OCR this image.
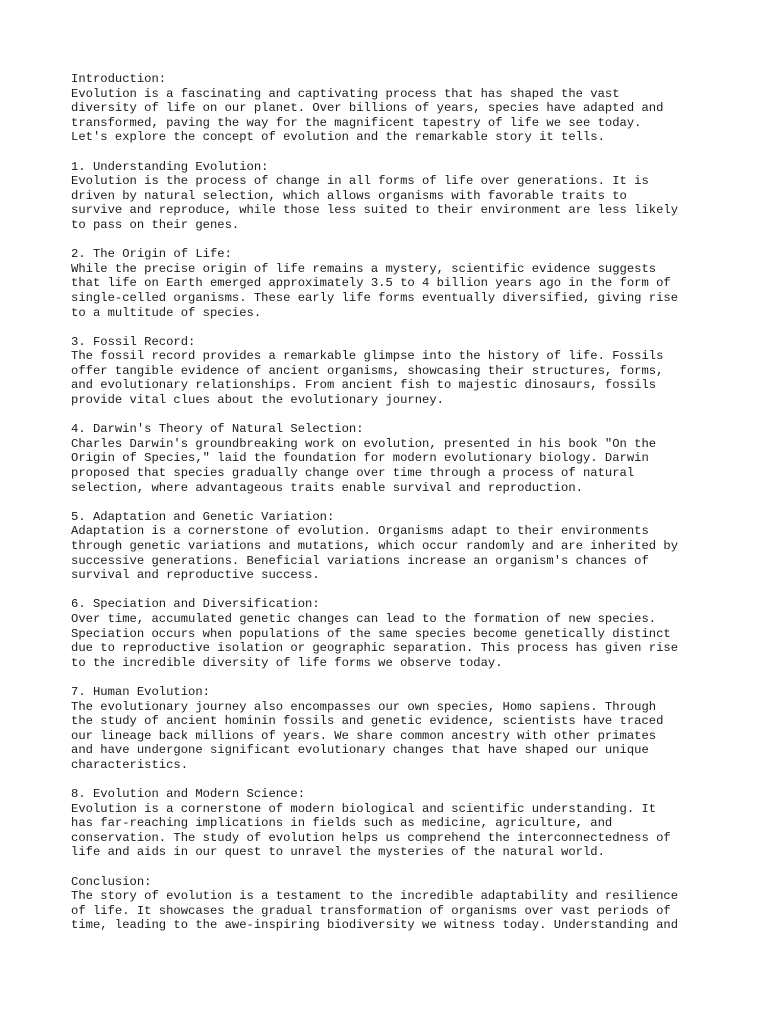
Introduction:
Evolution is a fascinating and captivating process that has shaped the vast
diversity of life on our planet. Over billions of years, species have adapted and
transformed, paving the way for the magnificent tapestry of life we see today.
Let's explore the concept of evolution and the remarkable story it tells.
1. Understanding Evolution:
Evolution is the process of change in all forms of life over generations. It is
driven by natural selection, which allows organisms with favorable traits to
survive and reproduce, while those less suited to their environment are less likely
to pass on their genes.
2. The Origin of Life:
While the precise origin of life remains a mystery, scientific evidence suggests
that life on Earth emerged approximately 3.5 to 4 billion years ago in the form of
single-celled organisms. These early life forms eventually diversified, giving rise
to a multitude of species.
3. Fossil Record:
The fossil record provides a remarkable glimpse into the history of life. Fossils
offer tangible evidence of ancient organisms, showcasing their structures, forms,
and evolutionary relationships. From ancient fish to majestic dinosaurs, fossils
provide vital clues about the evolutionary journey.
4. Darwin's Theory of Natural Selection:
Charles Darwin's groundbreaking work on evolution, presented in his book "On the
Origin of Species," laid the foundation for modern evolutionary biology. Darwin
proposed that species gradually change over time through a process of natural
selection, where advantageous traits enable survival and reproduction.
5. Adaptation and Genetic Variation:
Adaptation is a cornerstone of evolution. Organisms adapt to their environments
through genetic variations and mutations, which occur randomly and are inherited by
successive generations. Beneficial variations increase an organism's chances of
survival and reproductive success.
6. Speciation and Diversification:
Over time, accumulated genetic changes can lead to the formation of new species.
Speciation occurs when populations of the same species become genetically distinct
due to reproductive isolation or geographic separation. This process has given rise
to the incredible diversity of life forms we observe today.
7. Human Evolution:
The evolutionary journey also encompasses our own species, Homo sapiens. Through
the study of ancient hominin fossils and genetic evidence, scientists have traced
our lineage back millions of years. We share common ancestry with other primates
and have undergone significant evolutionary changes that have shaped our unique
characteristics.
8. Evolution and Modern Science:
Evolution is a cornerstone of modern biological and scientific understanding. It
has far-reaching implications in fields such as medicine, agriculture, and
conservation. The study of evolution helps us comprehend the interconnectedness of
life and aids in our quest to unravel the mysteries of the natural world.
Conclusion:
The story of evolution is a testament to the incredible adaptability and resilience
of life. It showcases the gradual transformation of organisms over vast periods of
time, leading to the awe-inspiring biodiversity we witness today. Understanding and
